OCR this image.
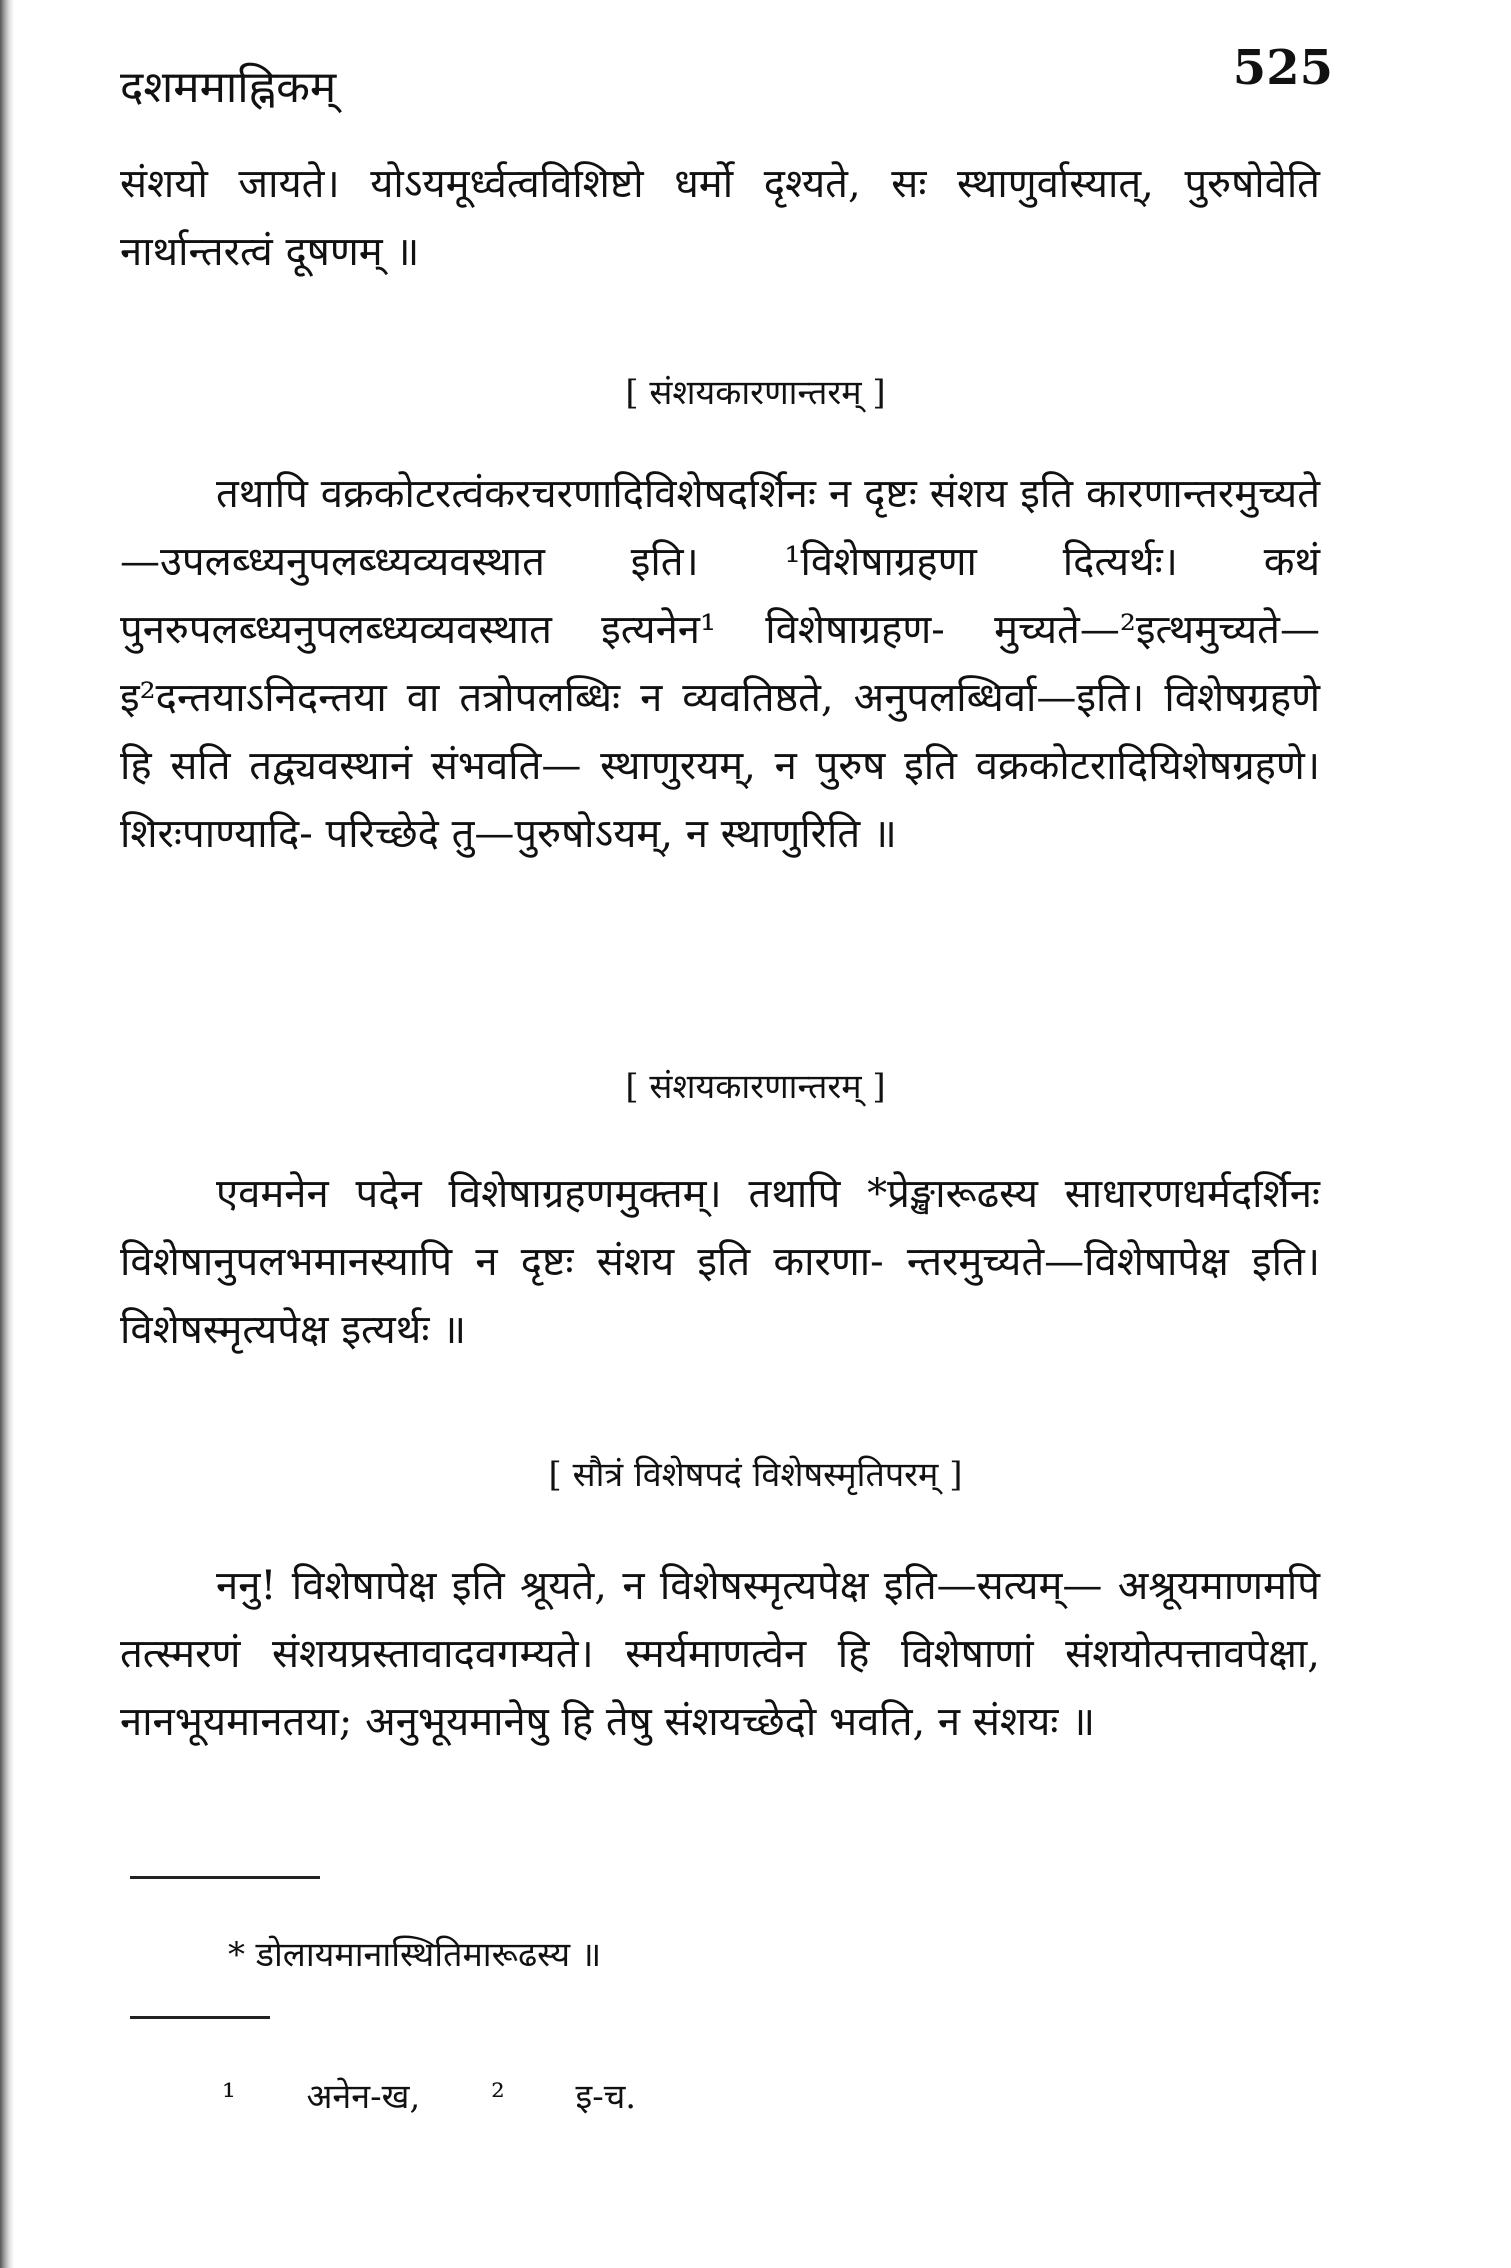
दशममाह्निकम्	525
संशयो जायते। योऽयमूर्ध्वत्वविशिष्टो धर्मो दृश्यते, सः स्थाणुर्वास्यात्, पुरुषोवेति नार्थान्तरत्वं दूषणम् ॥
[ संशयकारणान्तरम् ]
तथापि वक्रकोटरत्वंकरचरणादिविशेषदर्शिनः न दृष्टः संशय इति कारणान्तरमुच्यते—उपलब्ध्यनुपलब्ध्यव्यवस्थात इति। ¹विशेषाग्रहणा दित्यर्थः। कथं पुनरुपलब्ध्यनुपलब्ध्यव्यवस्थात इत्यनेन¹ विशेषाग्रहण- मुच्यते—²इत्थमुच्यते—इ²दन्तयाऽनिदन्तया वा तत्रोपलब्धिः न व्यवतिष्ठते, अनुपलब्धिर्वा—इति। विशेषग्रहणे हि सति तद्व्यवस्थानं संभवति— स्थाणुरयम्, न पुरुष इति वक्रकोटरादियिशेषग्रहणे। शिरःपाण्यादि- परिच्छेदे तु—पुरुषोऽयम्, न स्थाणुरिति ॥
[ संशयकारणान्तरम् ]
एवमनेन पदेन विशेषाग्रहणमुक्तम्। तथापि *प्रेङ्खारूढस्य साधारणधर्मदर्शिनः विशेषानुपलभमानस्यापि न दृष्टः संशय इति कारणा- न्तरमुच्यते—विशेषापेक्ष इति। विशेषस्मृत्यपेक्ष इत्यर्थः ॥
[ सौत्रं विशेषपदं विशेषस्मृतिपरम् ]
ननु! विशेषापेक्ष इति श्रूयते, न विशेषस्मृत्यपेक्ष इति—सत्यम्— अश्रूयमाणमपि तत्स्मरणं संशयप्रस्तावादवगम्यते। स्मर्यमाणत्वेन हि विशेषाणां संशयोत्पत्तावपेक्षा, नानभूयमानतया; अनुभूयमानेषु हि तेषु संशयच्छेदो भवति, न संशयः ॥
* डोलायमानास्थितिमारूढस्य ॥
¹ अनेन-ख, ² इ-च.
